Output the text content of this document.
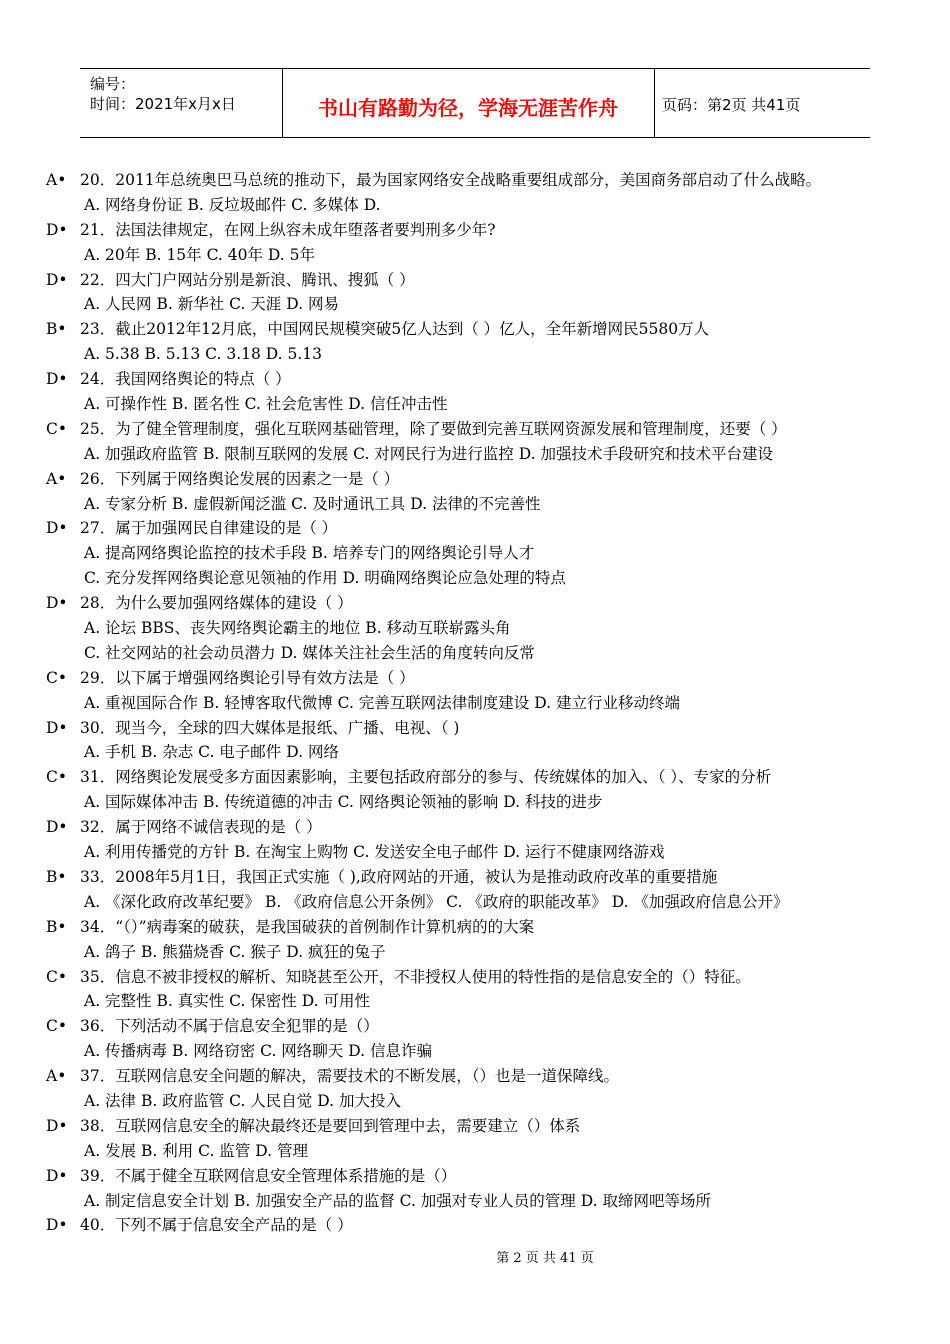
编号：
时间：2021年x月x日	书山有路勤为径，学海无涯苦作舟	页码：第2页 共41页
A• 20．2011年总统奥巴马总统的推动下，最为国家网络安全战略重要组成部分，美国商务部启动了什么战略。
A. 网络身份证 B. 反垃圾邮件 C. 多媒体 D.
D• 21．法国法律规定，在网上纵容未成年堕落者要判刑多少年?
A. 20年 B. 15年 C. 40年 D. 5年
D• 22．四大门户网站分别是新浪、腾讯、搜狐（ ）
A. 人民网 B. 新华社 C. 天涯 D. 网易
B• 23．截止2012年12月底，中国网民规模突破5亿人达到（ ）亿人，全年新增网民5580万人
A. 5.38 B. 5.13 C. 3.18 D. 5.13
D• 24．我国网络舆论的特点（ ）
A. 可操作性 B. 匿名性 C. 社会危害性 D. 信任冲击性
C• 25．为了健全管理制度，强化互联网基础管理，除了要做到完善互联网资源发展和管理制度，还要（ ）
A. 加强政府监管 B. 限制互联网的发展 C. 对网民行为进行监控 D. 加强技术手段研究和技术平台建设
A• 26．下列属于网络舆论发展的因素之一是（ ）
A. 专家分析 B. 虚假新闻泛滥 C. 及时通讯工具 D. 法律的不完善性
D• 27．属于加强网民自律建设的是（ ）
A. 提高网络舆论监控的技术手段 B. 培养专门的网络舆论引导人才
C. 充分发挥网络舆论意见领袖的作用 D. 明确网络舆论应急处理的特点
D• 28．为什么要加强网络媒体的建设（ ）
A. 论坛 BBS、丧失网络舆论霸主的地位 B. 移动互联崭露头角
C. 社交网站的社会动员潜力 D. 媒体关注社会生活的角度转向反常
C• 29．以下属于增强网络舆论引导有效方法是（ ）
A. 重视国际合作 B. 轻博客取代微博 C. 完善互联网法律制度建设 D. 建立行业移动终端
D• 30．现当今，全球的四大媒体是报纸、广播、电视、（ )
A. 手机 B. 杂志 C. 电子邮件 D. 网络
C• 31．网络舆论发展受多方面因素影响，主要包括政府部分的参与、传统媒体的加入、（ ）、专家的分析
A. 国际媒体冲击 B. 传统道德的冲击 C. 网络舆论领袖的影响 D. 科技的进步
D• 32．属于网络不诚信表现的是（ ）
A. 利用传播党的方针 B. 在淘宝上购物 C. 发送安全电子邮件 D. 运行不健康网络游戏
B• 33．2008年5月1日，我国正式实施（ ),政府网站的开通，被认为是推动政府改革的重要措施
A. 《深化政府改革纪要》 B. 《政府信息公开条例》 C. 《政府的职能改革》 D. 《加强政府信息公开》
B• 34．“（）”病毒案的破获，是我国破获的首例制作计算机病的的大案
A. 鸽子 B. 熊猫烧香 C. 猴子 D. 疯狂的兔子
C• 35．信息不被非授权的解析、知晓甚至公开，不非授权人使用的特性指的是信息安全的（）特征。
A. 完整性 B. 真实性 C. 保密性 D. 可用性
C• 36．下列活动不属于信息安全犯罪的是（）
A. 传播病毒 B. 网络窃密 C. 网络聊天 D. 信息诈骗
A• 37．互联网信息安全问题的解决，需要技术的不断发展，（）也是一道保障线。
A. 法律 B. 政府监管 C. 人民自觉 D. 加大投入
D• 38．互联网信息安全的解决最终还是要回到管理中去，需要建立（）体系
A. 发展 B. 利用 C. 监管 D. 管理
D• 39．不属于健全互联网信息安全管理体系措施的是（）
A. 制定信息安全计划 B. 加强安全产品的监督 C. 加强对专业人员的管理 D. 取缔网吧等场所
D• 40．下列不属于信息安全产品的是（ ）
第 2 页 共 41 页
